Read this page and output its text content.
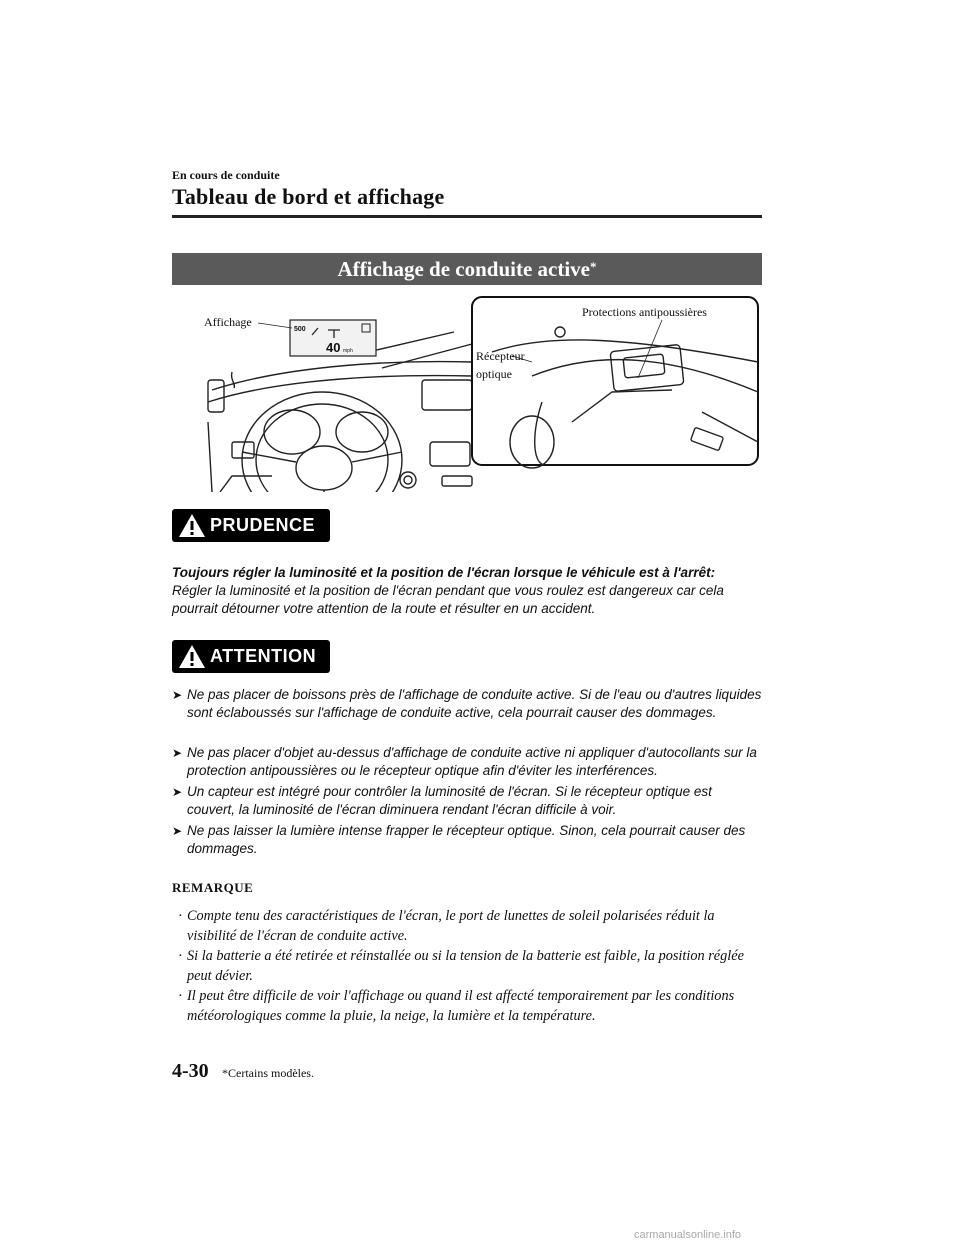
En cours de conduite
Tableau de bord et affichage
Affichage de conduite active*
500
40 mph
Affichage
Protections antipoussières
Récepteur
optique
PRUDENCE
Toujours régler la luminosité et la position de l'écran lorsque le véhicule est à l'arrêt:
Régler la luminosité et la position de l'écran pendant que vous roulez est dangereux car cela pourrait détourner votre attention de la route et résulter en un accident.
ATTENTION
➤ Ne pas placer de boissons près de l'affichage de conduite active. Si de l'eau ou d'autres liquides sont éclaboussés sur l'affichage de conduite active, cela pourrait causer des dommages.
➤ Ne pas placer d'objet au-dessus d'affichage de conduite active ni appliquer d'autocollants sur la protection antipoussières ou le récepteur optique afin d'éviter les interférences.
➤ Un capteur est intégré pour contrôler la luminosité de l'écran. Si le récepteur optique est couvert, la luminosité de l'écran diminuera rendant l'écran difficile à voir.
➤ Ne pas laisser la lumière intense frapper le récepteur optique. Sinon, cela pourrait causer des dommages.
REMARQUE
· Compte tenu des caractéristiques de l'écran, le port de lunettes de soleil polarisées réduit la visibilité de l'écran de conduite active.
· Si la batterie a été retirée et réinstallée ou si la tension de la batterie est faible, la position réglée peut dévier.
· Il peut être difficile de voir l'affichage ou quand il est affecté temporairement par les conditions météorologiques comme la pluie, la neige, la lumière et la température.
4-30 *Certains modèles.
carmanualsonline.info
